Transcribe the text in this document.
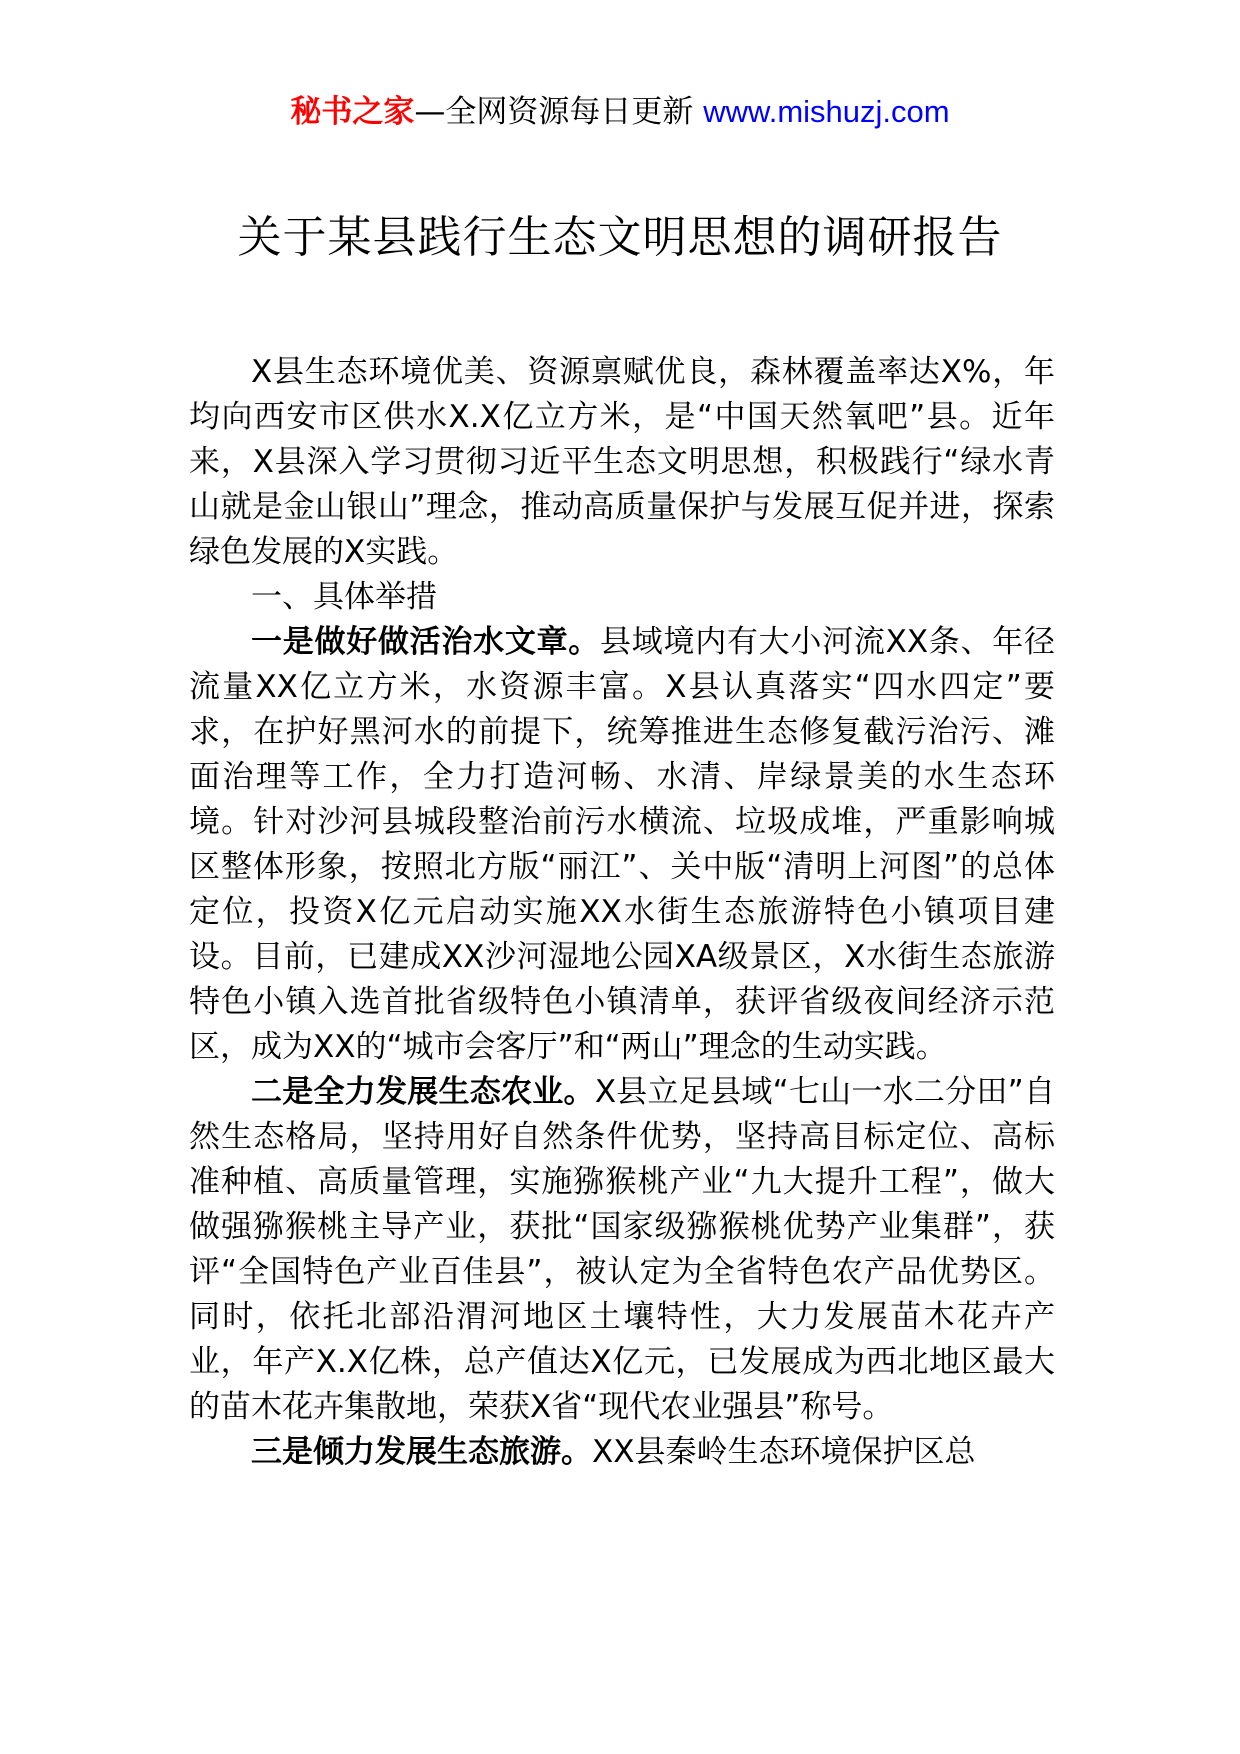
秘书之家—全网资源每日更新 www.mishuzj.com
关于某县践行生态文明思想的调研报告

X县生态环境优美、资源禀赋优良，森林覆盖率达X%，年均向西安市区供水X.X亿立方米，是“中国天然氧吧”县。近年来，X县深入学习贯彻习近平生态文明思想，积极践行“绿水青山就是金山银山”理念，推动高质量保护与发展互促并进，探索绿色发展的X实践。

一、具体举措

一是做好做活治水文章。县域境内有大小河流XX条、年径流量XX亿立方米，水资源丰富。X县认真落实“四水四定”要求，在护好黑河水的前提下，统筹推进生态修复截污治污、滩面治理等工作，全力打造河畅、水清、岸绿景美的水生态环境。针对沙河县城段整治前污水横流、垃圾成堆，严重影响城区整体形象，按照北方版“丽江”、关中版“清明上河图”的总体定位，投资X亿元启动实施XX水街生态旅游特色小镇项目建设。目前，已建成XX沙河湿地公园XA级景区，X水街生态旅游特色小镇入选首批省级特色小镇清单，获评省级夜间经济示范区，成为XX的“城市会客厅”和“两山”理念的生动实践。

二是全力发展生态农业。X县立足县域“七山一水二分田”自然生态格局，坚持用好自然条件优势，坚持高目标定位、高标准种植、高质量管理，实施猕猴桃产业“九大提升工程”，做大做强猕猴桃主导产业，获批“国家级猕猴桃优势产业集群”，获评“全国特色产业百佳县”，被认定为全省特色农产品优势区。同时，依托北部沿渭河地区土壤特性，大力发展苗木花卉产业，年产X.X亿株，总产值达X亿元，已发展成为西北地区最大的苗木花卉集散地，荣获X省“现代农业强县”称号。

三是倾力发展生态旅游。XX县秦岭生态环境保护区总
